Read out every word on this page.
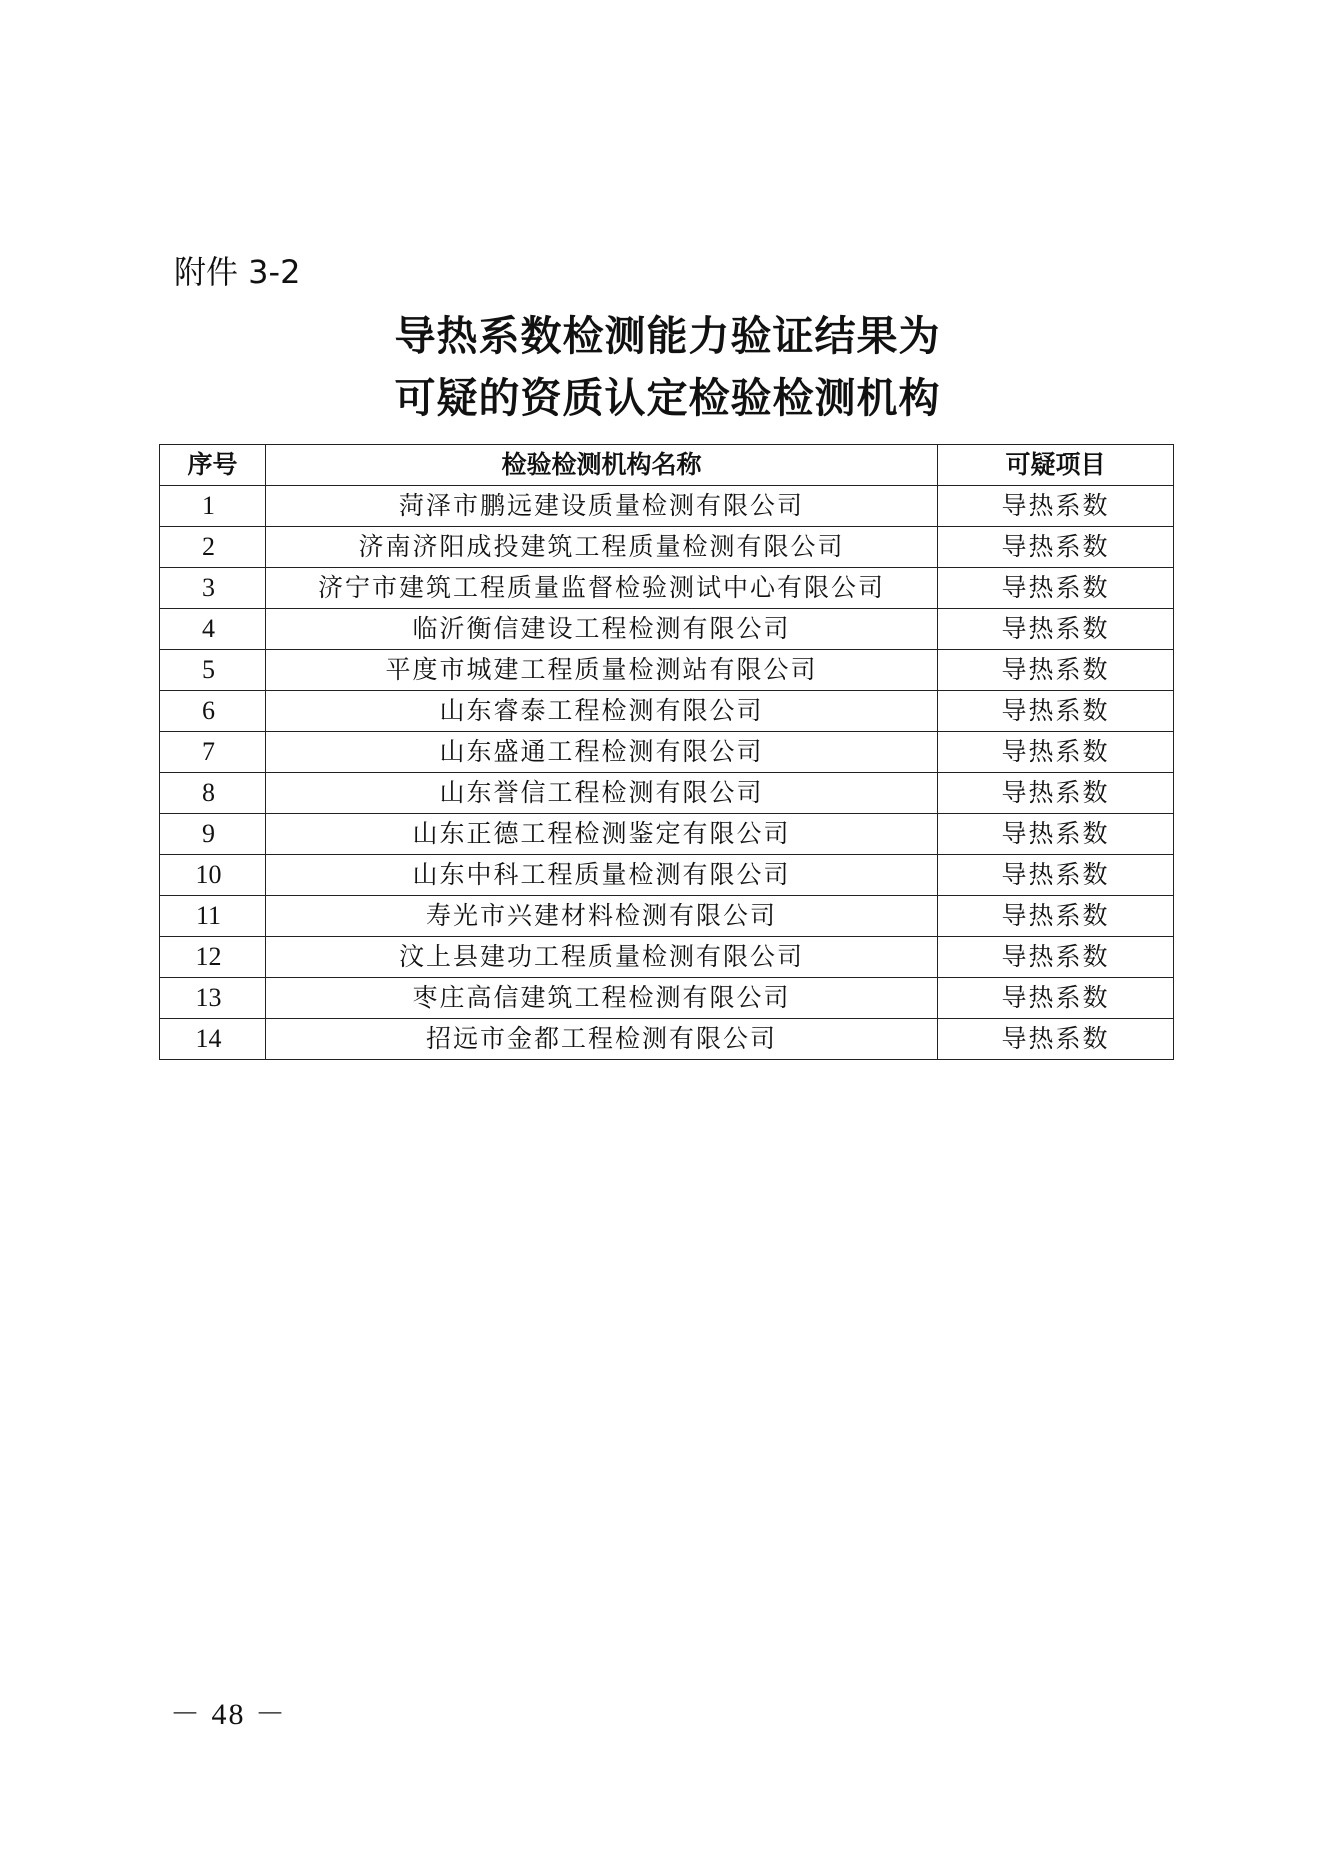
附件 3-2
导热系数检测能力验证结果为
可疑的资质认定检验检测机构
序号	检验检测机构名称	可疑项目
1	菏泽市鹏远建设质量检测有限公司	导热系数
2	济南济阳成投建筑工程质量检测有限公司	导热系数
3	济宁市建筑工程质量监督检验测试中心有限公司	导热系数
4	临沂衡信建设工程检测有限公司	导热系数
5	平度市城建工程质量检测站有限公司	导热系数
6	山东睿泰工程检测有限公司	导热系数
7	山东盛通工程检测有限公司	导热系数
8	山东誉信工程检测有限公司	导热系数
9	山东正德工程检测鉴定有限公司	导热系数
10	山东中科工程质量检测有限公司	导热系数
11	寿光市兴建材料检测有限公司	导热系数
12	汶上县建功工程质量检测有限公司	导热系数
13	枣庄高信建筑工程检测有限公司	导热系数
14	招远市金都工程检测有限公司	导热系数
－ 48 －
